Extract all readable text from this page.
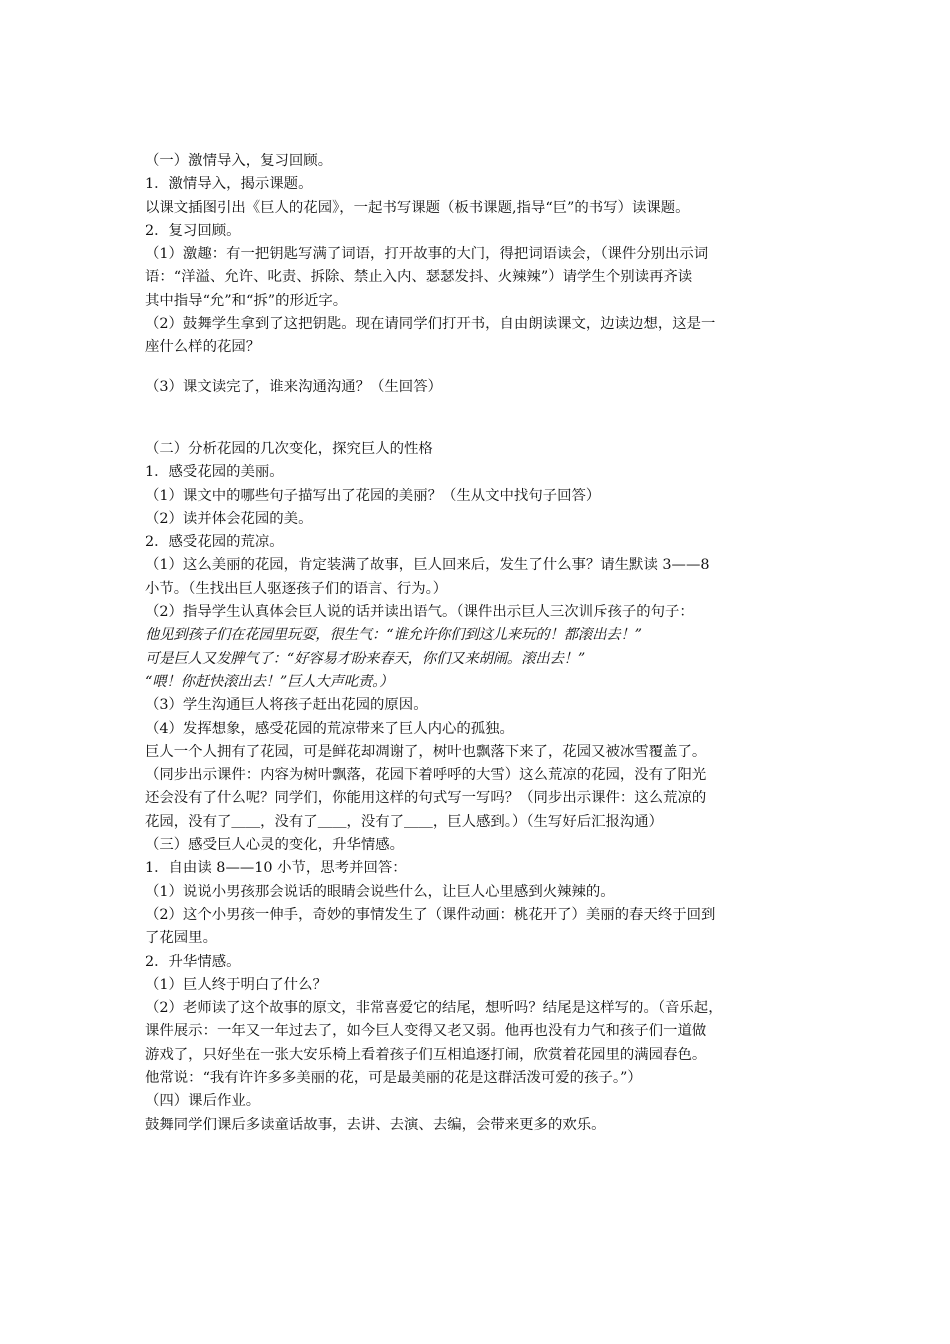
（一）激情导入，复习回顾。
1．激情导入，揭示课题。
以课文插图引出《巨人的花园》，一起书写课题（板书课题,指导“巨”的书写）读课题。
2．复习回顾。
（1）激趣：有一把钥匙写满了词语，打开故事的大门，得把词语读会，（课件分别出示词
语：“洋溢、允许、叱责、拆除、禁止入内、瑟瑟发抖、火辣辣”）请学生个别读再齐读
其中指导“允”和“拆”的形近字。
（2）鼓舞学生拿到了这把钥匙。现在请同学们打开书，自由朗读课文，边读边想，这是一
座什么样的花园？
（3）课文读完了，谁来沟通沟通？（生回答）
（二）分析花园的几次变化，探究巨人的性格
1．感受花园的美丽。
（1）课文中的哪些句子描写出了花园的美丽？（生从文中找句子回答）
（2）读并体会花园的美。
2．感受花园的荒凉。
（1）这么美丽的花园，肯定装满了故事，巨人回来后，发生了什么事？请生默读 3——8
小节。（生找出巨人驱逐孩子们的语言、行为。）
（2）指导学生认真体会巨人说的话并读出语气。（课件出示巨人三次训斥孩子的句子：
他见到孩子们在花园里玩耍，很生气：“谁允许你们到这儿来玩的！都滚出去！”
可是巨人又发脾气了：“好容易才盼来春天，你们又来胡闹。滚出去！”
“喂！你赶快滚出去！”巨人大声叱责。）
（3）学生沟通巨人将孩子赶出花园的原因。
（4）发挥想象，感受花园的荒凉带来了巨人内心的孤独。
巨人一个人拥有了花园，可是鲜花却凋谢了，树叶也飘落下来了，花园又被冰雪覆盖了。
（同步出示课件：内容为树叶飘落，花园下着呼呼的大雪）这么荒凉的花园，没有了阳光
还会没有了什么呢？同学们，你能用这样的句式写一写吗？（同步出示课件：这么荒凉的
花园，没有了＿＿，没有了＿＿，没有了＿＿，巨人感到。）（生写好后汇报沟通）
（三）感受巨人心灵的变化，升华情感。
1．自由读 8——10 小节，思考并回答：
（1）说说小男孩那会说话的眼睛会说些什么，让巨人心里感到火辣辣的。
（2）这个小男孩一伸手，奇妙的事情发生了（课件动画：桃花开了）美丽的春天终于回到
了花园里。
2．升华情感。
（1）巨人终于明白了什么？
（2）老师读了这个故事的原文，非常喜爱它的结尾，想听吗？结尾是这样写的。（音乐起，
课件展示：一年又一年过去了，如今巨人变得又老又弱。他再也没有力气和孩子们一道做
游戏了，只好坐在一张大安乐椅上看着孩子们互相追逐打闹，欣赏着花园里的满园春色。
他常说：“我有许许多多美丽的花，可是最美丽的花是这群活泼可爱的孩子。”）
（四）课后作业。
鼓舞同学们课后多读童话故事，去讲、去演、去编，会带来更多的欢乐。
